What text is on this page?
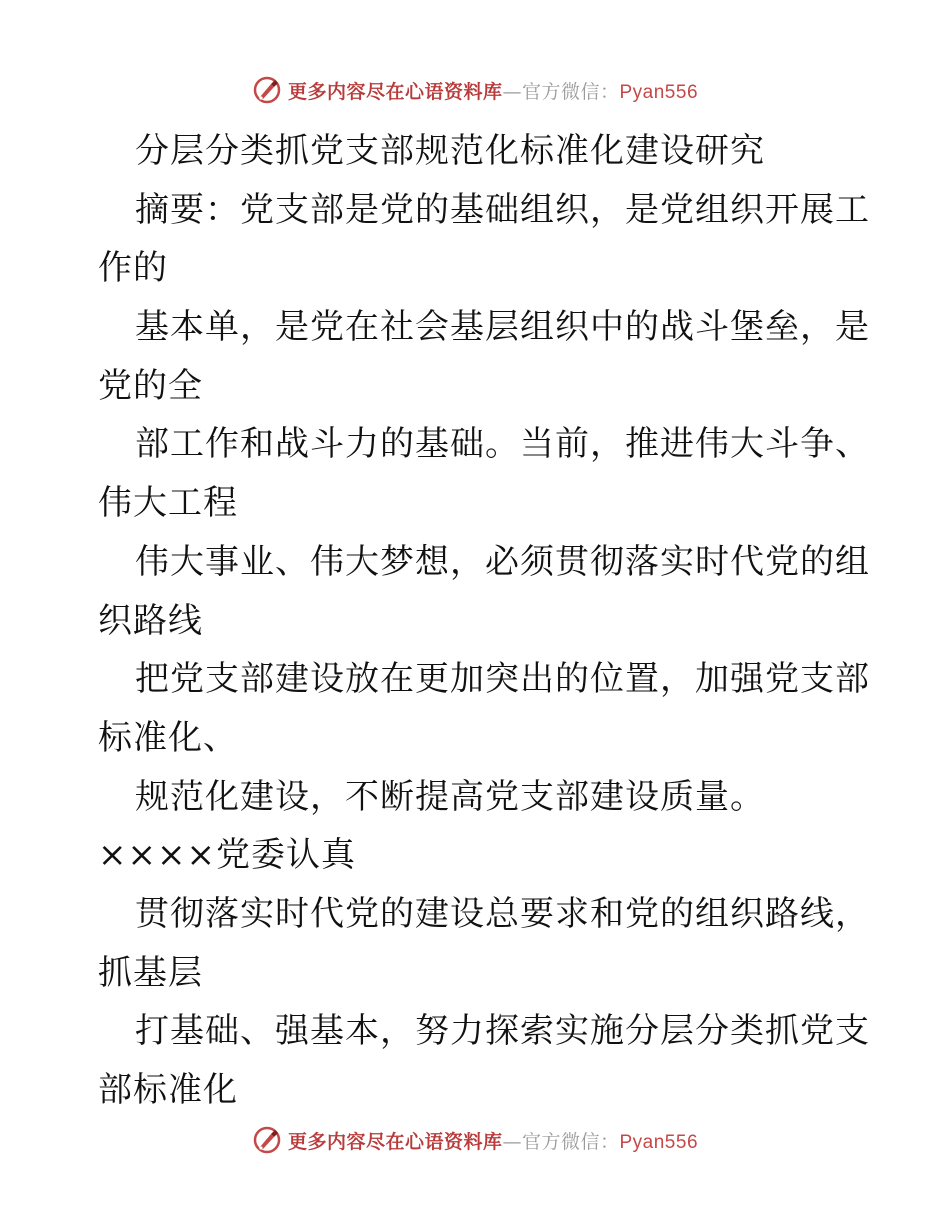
更多内容尽在心语资料库—官方微信：Pyan556
分层分类抓党支部规范化标准化建设研究
摘要：党支部是党的基础组织，是党组织开展工
作的
基本单，是党在社会基层组织中的战斗堡垒，是
党的全
部工作和战斗力的基础。当前，推进伟大斗争、
伟大工程
伟大事业、伟大梦想，必须贯彻落实时代党的组
织路线
把党支部建设放在更加突出的位置，加强党支部
标准化、
规范化建设，不断提高党支部建设质量。
××××党委认真
贯彻落实时代党的建设总要求和党的组织路线，
抓基层
打基础、强基本，努力探索实施分层分类抓党支
部标准化
更多内容尽在心语资料库—官方微信：Pyan556
